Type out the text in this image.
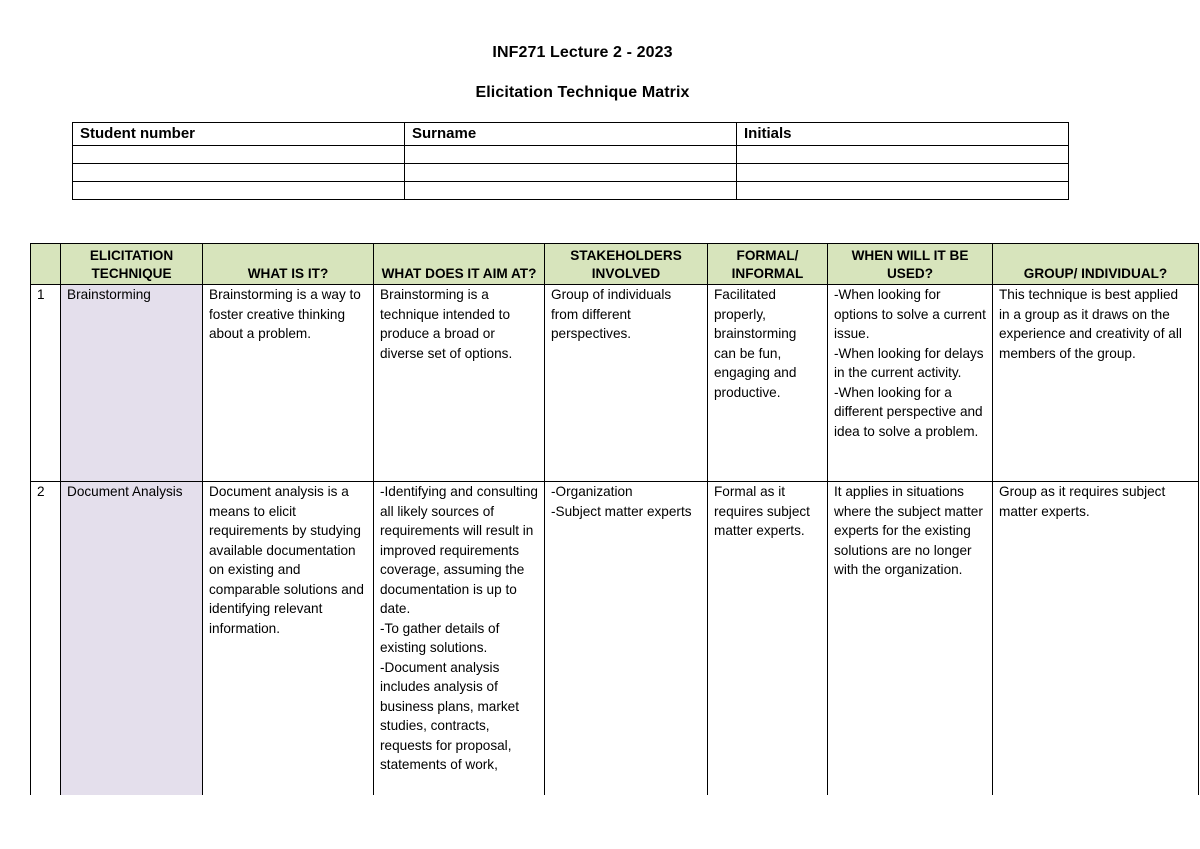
INF271 Lecture 2 - 2023
Elicitation Technique Matrix
Student number	Surname	Initials

	ELICITATION TECHNIQUE	WHAT IS IT?	WHAT DOES IT AIM AT?	STAKEHOLDERS INVOLVED	FORMAL/ INFORMAL	WHEN WILL IT BE USED?	GROUP/ INDIVIDUAL?
1	Brainstorming	Brainstorming is a way to foster creative thinking about a problem.	Brainstorming is a technique intended to produce a broad or diverse set of options.	Group of individuals from different perspectives.	Facilitated properly, brainstorming can be fun, engaging and productive.	-When looking for options to solve a current issue.
-When looking for delays in the current activity.
-When looking for a different perspective and idea to solve a problem.	This technique is best applied in a group as it draws on the experience and creativity of all members of the group.
2	Document Analysis	Document analysis is a means to elicit requirements by studying available documentation on existing and comparable solutions and identifying relevant information.	-Identifying and consulting all likely sources of requirements will result in improved requirements coverage, assuming the documentation is up to date.
-To gather details of existing solutions.
-Document analysis includes analysis of business plans, market studies, contracts, requests for proposal, statements of work,	-Organization
-Subject matter experts	Formal as it requires subject matter experts.	It applies in situations where the subject matter experts for the existing solutions are no longer with the organization.	Group as it requires subject matter experts.
